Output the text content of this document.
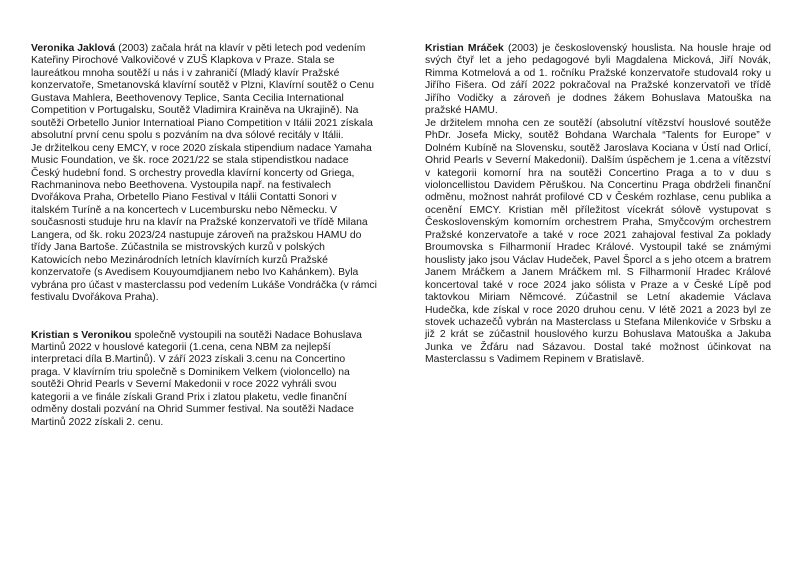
Veronika Jaklová (2003) začala hrát na klavír v pěti letech pod vedením Kateřiny Pirochové Valkovičové v ZUŠ Klapkova v Praze. Stala se laureátkou mnoha soutěží u nás i v zahraničí (Mladý klavír Pražské konzervatoře, Smetanovská klavírní soutěž v Plzni, Klavírní soutěž o Cenu Gustava Mahlera, Beethovenovy Teplice, Santa Cecilia International Competition v Portugalsku, Soutěž Vladimira Krainěva na Ukrajině). Na soutěži Orbetello Junior Internatioal Piano Competition v Itálii 2021 získala absolutní první cenu spolu s pozváním na dva sólové recitály v Itálii.

Je držitelkou ceny EMCY, v roce 2020 získala stipendium nadace Yamaha Music Foundation, ve šk. roce 2021/22 se stala stipendistkou nadace Český hudební fond. S orchestry provedla klavírní koncerty od Griega, Rachmaninova nebo Beethovena. Vystoupila např. na festivalech Dvořákova Praha, Orbetello Piano Festival v Itálii Contatti Sonori v italském Turíně a na koncertech v Lucembursku nebo Německu. V současnosti studuje hru na klavír na Pražské konzervatoři ve třídě Milana Langera, od šk. roku 2023/24 nastupuje zároveň na pražskou HAMU do třídy Jana Bartoše. Zúčastnila se mistrovských kurzů v polských Katowicích nebo Mezinárodních letních klavírních kurzů Pražské konzervatoře (s Avedisem Kouyoumdjianem nebo Ivo Kahánkem). Byla vybrána pro účast v masterclassu pod vedením Lukáše Vondráčka (v rámci festivalu Dvořákova Praha).

Kristian s Veronikou společně vystoupili na soutěži Nadace Bohuslava Martinů 2022 v houslové kategorii (1.cena, cena NBM za nejlepší interpretaci díla B.Martinů). V září 2023 získali 3.cenu na Concertino praga. V klavírním triu společně s Dominikem Velkem (violoncello) na soutěži Ohrid Pearls v Severní Makedonii v roce 2022 vyhráli svou kategorii a ve finále získali Grand Prix i zlatou plaketu, vedle finanční odměny dostali pozvání na Ohrid Summer festival. Na soutěži Nadace Martinů 2022 získali 2. cenu.

Kristian Mráček (2003) je československý houslista. Na housle hraje od svých čtyř let a jeho pedagogové byli Magdalena Micková, Jiří Novák, Rimma Kotmelová a od 1. ročníku Pražské konzervatoře studoval4 roky u Jiřího Fišera. Od září 2022 pokračoval na Pražské konzervatoři ve třídě Jiřího Vodičky a zároveň je dodnes žákem Bohuslava Matouška na pražské HAMU.

Je držitelem mnoha cen ze soutěží (absolutní vítězství houslové soutěže PhDr. Josefa Micky, soutěž Bohdana Warchala “Talents for Europe” v Dolném Kubíně na Slovensku, soutěž Jaroslava Kociana v Ústí nad Orlicí, Ohrid Pearls v Severní Makedonii). Dalším úspěchem je 1.cena a vítězství v kategorii komorní hra na soutěži Concertino Praga a to v duu s violoncellistou Davidem Pěruškou. Na Concertinu Praga obdrželi finanční odměnu, možnost nahrát profilové CD v Českém rozhlase, cenu publika a ocenění EMCY. Kristian měl příležitost vícekrát sólově vystupovat s Československým komorním orchestrem Praha, Smyčcovým orchestrem Pražské konzervatoře a také v roce 2021 zahajoval festival Za poklady Broumovska s Filharmonií Hradec Králové. Vystoupil také se známými houslisty jako jsou Václav Hudeček, Pavel Šporcl a s jeho otcem a bratrem Janem Mráčkem a Janem Mráčkem ml. S Filharmonií Hradec Králové koncertoval také v roce 2024 jako sólista v Praze a v České Lípě pod taktovkou Miriam Němcové. Zúčastnil se Letní akademie Václava Hudečka, kde získal v roce 2020 druhou cenu. V létě 2021 a 2023 byl ze stovek uchazečů vybrán na Masterclass u Stefana Milenkoviće v Srbsku a již 2 krát se zúčastnil houslového kurzu Bohuslava Matouška a Jakuba Junka ve Žďáru nad Sázavou. Dostal také možnost účinkovat na Masterclassu s Vadimem Repinem v Bratislavě.
